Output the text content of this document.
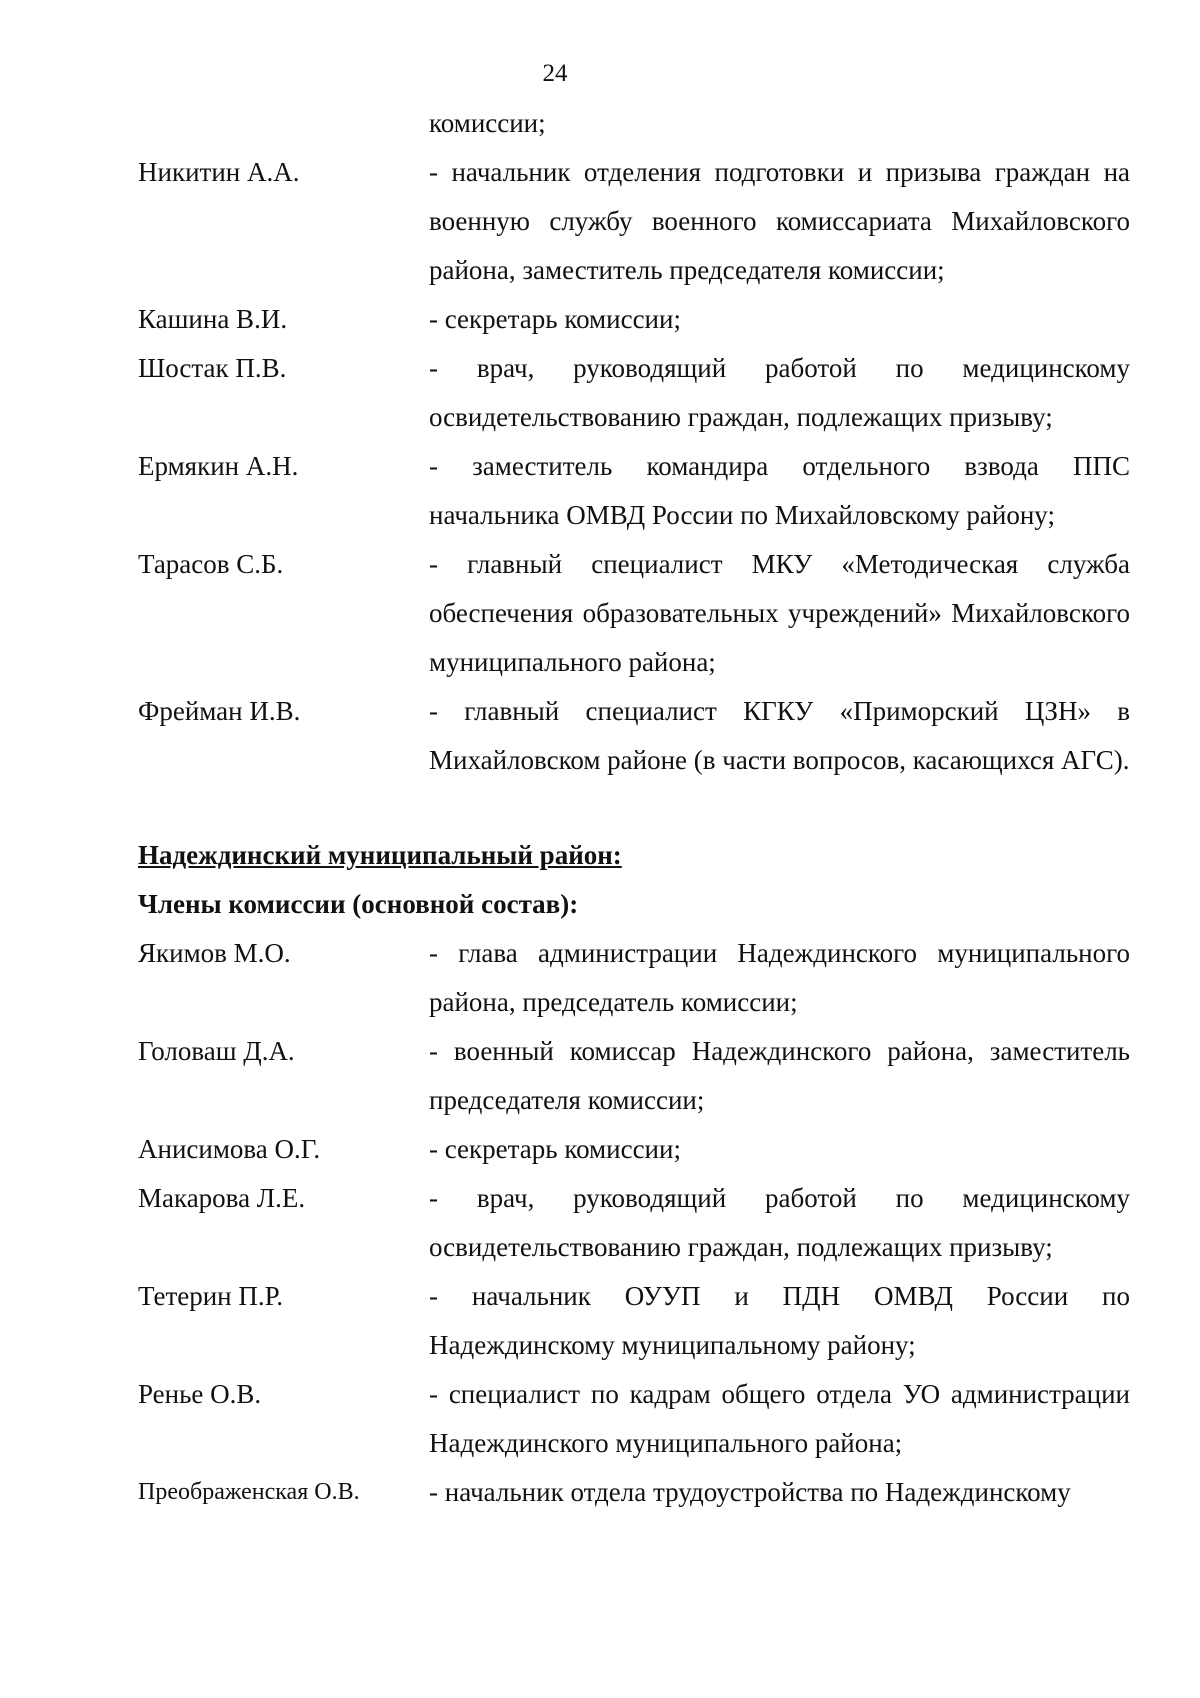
24
комиссии;
Никитин А.А.	- начальник отделения подготовки и призыва граждан на военную службу военного комиссариата Михайловского района, заместитель председателя комиссии;
Кашина В.И.	- секретарь комиссии;
Шостак П.В.	- врач, руководящий работой по медицинскому освидетельствованию граждан, подлежащих призыву;
Ермякин А.Н.	- заместитель командира отдельного взвода ППС начальника ОМВД России по Михайловскому району;
Тарасов С.Б.	- главный специалист МКУ «Методическая служба обеспечения образовательных учреждений» Михайловского муниципального района;
Фрейман И.В.	- главный специалист КГКУ «Приморский ЦЗН» в Михайловском районе (в части вопросов, касающихся АГС).
Надеждинский муниципальный район:
Члены комиссии (основной состав):
Якимов М.О.	- глава администрации Надеждинского муниципального района, председатель комиссии;
Головаш Д.А.	- военный комиссар Надеждинского района, заместитель председателя комиссии;
Анисимова О.Г.	- секретарь комиссии;
Макарова Л.Е.	- врач, руководящий работой по медицинскому освидетельствованию граждан, подлежащих призыву;
Тетерин П.Р.	- начальник ОУУП и ПДН ОМВД России по Надеждинскому муниципальному району;
Ренье О.В.	- специалист по кадрам общего отдела УО администрации Надеждинского муниципального района;
Преображенская О.В.	- начальник отдела трудоустройства по Надеждинскому
